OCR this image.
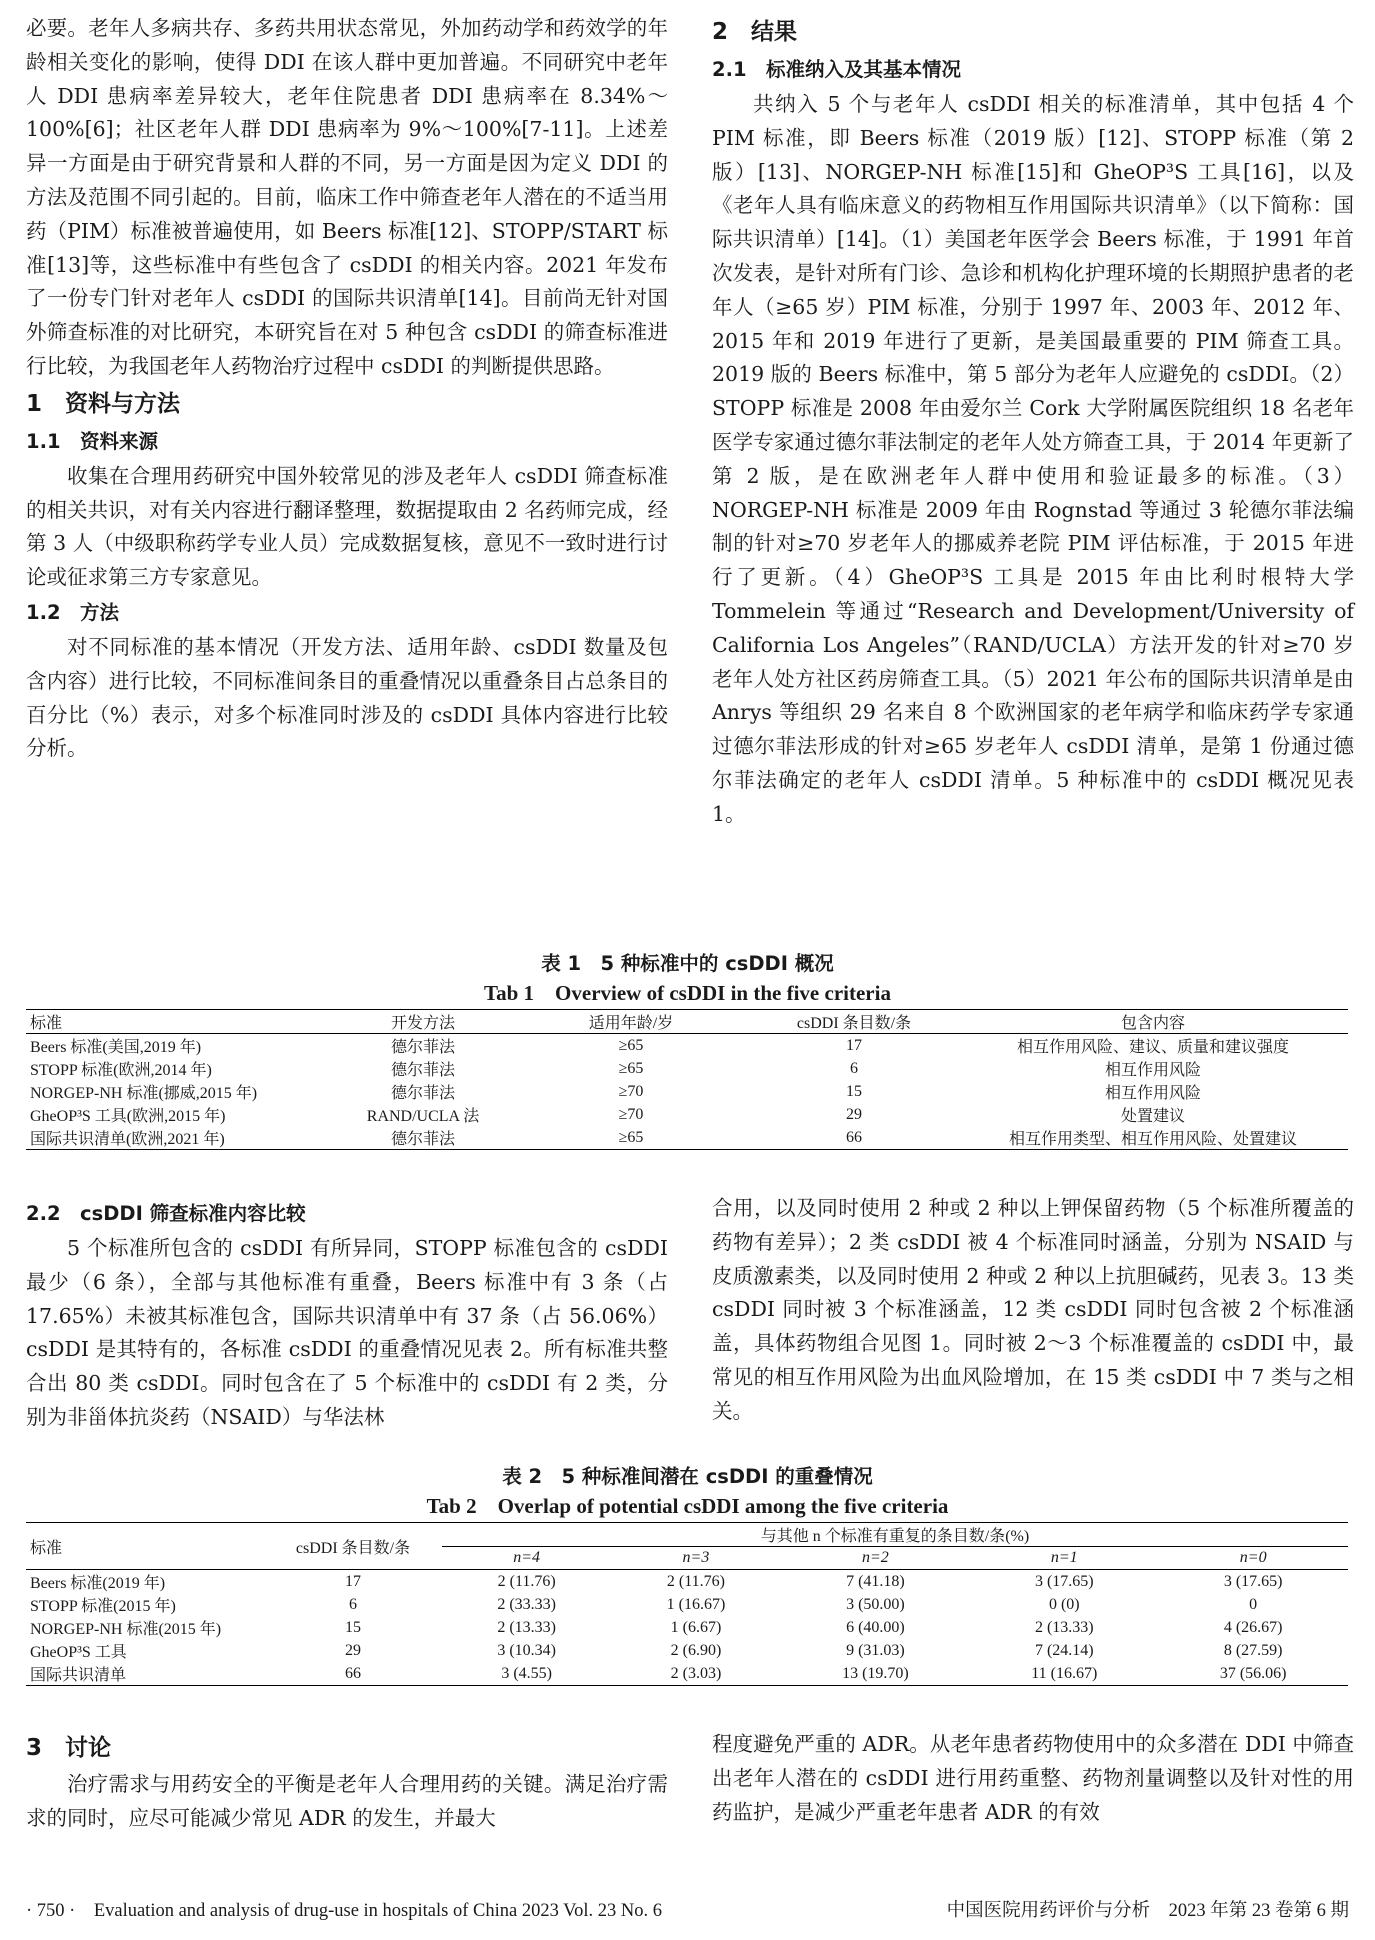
必要。老年人多病共存、多药共用状态常见，外加药动学和药效学的年龄相关变化的影响，使得 DDI 在该人群中更加普遍。不同研究中老年人 DDI 患病率差异较大，老年住院患者 DDI 患病率在 8.34%～100%[6]；社区老年人群 DDI 患病率为 9%～100%[7-11]。上述差异一方面是由于研究背景和人群的不同，另一方面是因为定义 DDI 的方法及范围不同引起的。目前，临床工作中筛查老年人潜在的不适当用药（PIM）标准被普遍使用，如 Beers 标准[12]、STOPP/START 标准[13]等，这些标准中有些包含了 csDDI 的相关内容。2021 年发布了一份专门针对老年人 csDDI 的国际共识清单[14]。目前尚无针对国外筛查标准的对比研究，本研究旨在对 5 种包含 csDDI 的筛查标准进行比较，为我国老年人药物治疗过程中 csDDI 的判断提供思路。

1　资料与方法
1.1　资料来源

收集在合理用药研究中国外较常见的涉及老年人 csDDI 筛查标准的相关共识，对有关内容进行翻译整理，数据提取由 2 名药师完成，经第 3 人（中级职称药学专业人员）完成数据复核，意见不一致时进行讨论或征求第三方专家意见。

1.2　方法

对不同标准的基本情况（开发方法、适用年龄、csDDI 数量及包含内容）进行比较，不同标准间条目的重叠情况以重叠条目占总条目的百分比（%）表示，对多个标准同时涉及的 csDDI 具体内容进行比较分析。

2　结果
2.1　标准纳入及其基本情况

共纳入 5 个与老年人 csDDI 相关的标准清单，其中包括 4 个 PIM 标准，即 Beers 标准（2019 版）[12]、STOPP 标准（第 2 版）[13]、NORGEP-NH 标准[15]和 GheOP³S 工具[16]，以及《老年人具有临床意义的药物相互作用国际共识清单》（以下简称：国际共识清单）[14]。（1）美国老年医学会 Beers 标准，于 1991 年首次发表，是针对所有门诊、急诊和机构化护理环境的长期照护患者的老年人（≥65 岁）PIM 标准，分别于 1997 年、2003 年、2012 年、2015 年和 2019 年进行了更新，是美国最重要的 PIM 筛查工具。2019 版的 Beers 标准中，第 5 部分为老年人应避免的 csDDI。（2）STOPP 标准是 2008 年由爱尔兰 Cork 大学附属医院组织 18 名老年医学专家通过德尔菲法制定的老年人处方筛查工具，于 2014 年更新了第 2 版，是在欧洲老年人群中使用和验证最多的标准。（3）NORGEP-NH 标准是 2009 年由 Rognstad 等通过 3 轮德尔菲法编制的针对≥70 岁老年人的挪威养老院 PIM 评估标准，于 2015 年进行了更新。（4）GheOP³S 工具是 2015 年由比利时根特大学 Tommelein 等通过“Research and Development/University of California Los Angeles”（RAND/UCLA）方法开发的针对≥70 岁老年人处方社区药房筛查工具。（5）2021 年公布的国际共识清单是由 Anrys 等组织 29 名来自 8 个欧洲国家的老年病学和临床药学专家通过德尔菲法形成的针对≥65 岁老年人 csDDI 清单，是第 1 份通过德尔菲法确定的老年人 csDDI 清单。5 种标准中的 csDDI 概况见表 1。

表 1　5 种标准中的 csDDI 概况
Tab 1　Overview of csDDI in the five criteria
标准	开发方法	适用年龄/岁	csDDI 条目数/条	包含内容
Beers 标准(美国,2019 年)	德尔菲法	≥65	17	相互作用风险、建议、质量和建议强度
STOPP 标准(欧洲,2014 年)	德尔菲法	≥65	6	相互作用风险
NORGEP-NH 标准(挪威,2015 年)	德尔菲法	≥70	15	相互作用风险
GheOP³S 工具(欧洲,2015 年)	RAND/UCLA 法	≥70	29	处置建议
国际共识清单(欧洲,2021 年)	德尔菲法	≥65	66	相互作用类型、相互作用风险、处置建议
2.2　csDDI 筛查标准内容比较

5 个标准所包含的 csDDI 有所异同，STOPP 标准包含的 csDDI 最少（6 条），全部与其他标准有重叠，Beers 标准中有 3 条（占 17.65%）未被其标准包含，国际共识清单中有 37 条（占 56.06%）csDDI 是其特有的，各标准 csDDI 的重叠情况见表 2。所有标准共整合出 80 类 csDDI。同时包含在了 5 个标准中的 csDDI 有 2 类，分别为非甾体抗炎药（NSAID）与华法林

合用，以及同时使用 2 种或 2 种以上钾保留药物（5 个标准所覆盖的药物有差异）；2 类 csDDI 被 4 个标准同时涵盖，分别为 NSAID 与皮质激素类，以及同时使用 2 种或 2 种以上抗胆碱药，见表 3。13 类 csDDI 同时被 3 个标准涵盖，12 类 csDDI 同时包含被 2 个标准涵盖，具体药物组合见图 1。同时被 2～3 个标准覆盖的 csDDI 中，最常见的相互作用风险为出血风险增加，在 15 类 csDDI 中 7 类与之相关。

表 2　5 种标准间潜在 csDDI 的重叠情况
Tab 2　Overlap of potential csDDI among the five criteria
标准	csDDI 条目数/条	与其他 n 个标准有重复的条目数/条(%)				
		n=4	n=3	n=2	n=1	n=0
Beers 标准(2019 年)	17	2 (11.76)	2 (11.76)	7 (41.18)	3 (17.65)	3 (17.65)
STOPP 标准(2015 年)	6	2 (33.33)	1 (16.67)	3 (50.00)	0 (0)	0
NORGEP-NH 标准(2015 年)	15	2 (13.33)	1 (6.67)	6 (40.00)	2 (13.33)	4 (26.67)
GheOP³S 工具	29	3 (10.34)	2 (6.90)	9 (31.03)	7 (24.14)	8 (27.59)
国际共识清单	66	3 (4.55)	2 (3.03)	13 (19.70)	11 (16.67)	37 (56.06)
3　讨论

治疗需求与用药安全的平衡是老年人合理用药的关键。满足治疗需求的同时，应尽可能减少常见 ADR 的发生，并最大

程度避免严重的 ADR。从老年患者药物使用中的众多潜在 DDI 中筛查出老年人潜在的 csDDI 进行用药重整、药物剂量调整以及针对性的用药监护，是减少严重老年患者 ADR 的有效

· 750 ·　Evaluation and analysis of drug-use in hospitals of China 2023 Vol. 23 No. 6	中国医院用药评价与分析　2023 年第 23 卷第 6 期
